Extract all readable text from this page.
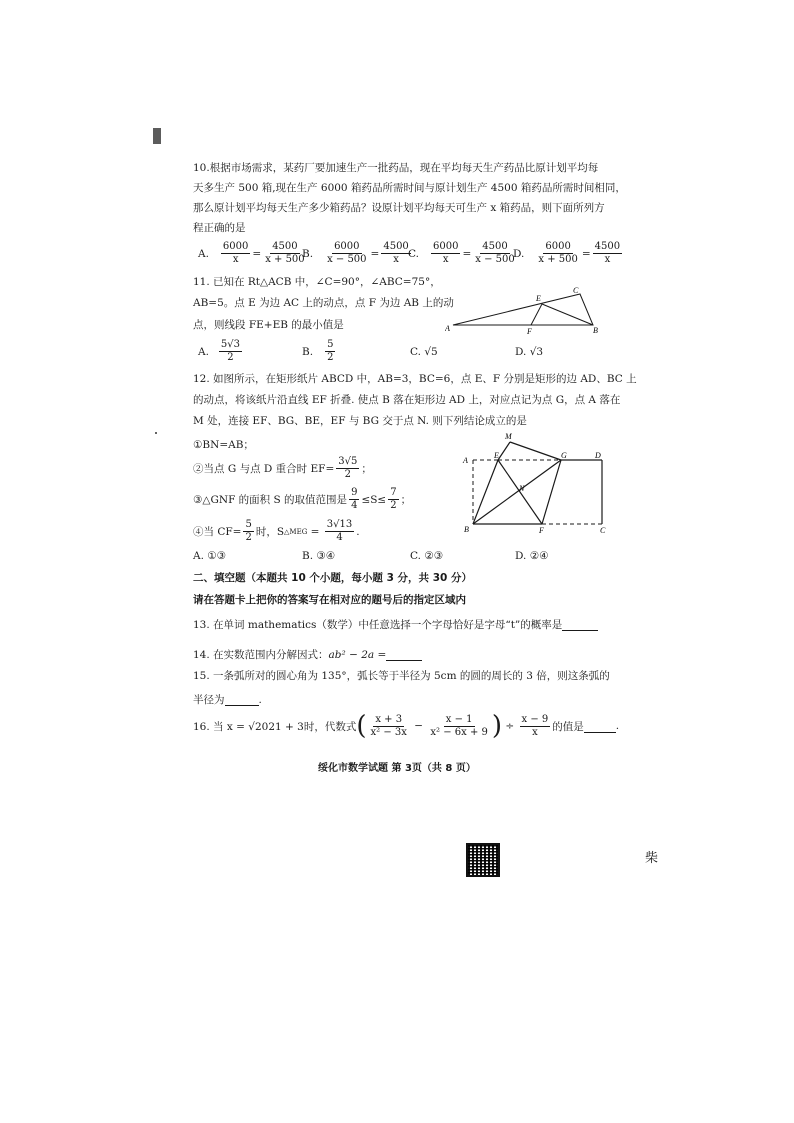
10.根据市场需求，某药厂要加速生产一批药品，现在平均每天生产药品比原计划平均每
天多生产 500 箱,现在生产 6000 箱药品所需时间与原计划生产 4500 箱药品所需时间相同，
那么原计划平均每天生产多少箱药品？设原计划平均每天可生产 x 箱药品，则下面所列方
程正确的是
A. $\frac{6000}{x} = \frac{4500}{x + 500}$
B. $\frac{6000}{x - 500} = \frac{4500}{x}$
C. $\frac{6000}{x} = \frac{4500}{x - 500}$
D. $\frac{6000}{x + 500} = \frac{4500}{x}$
11. 已知在 Rt△ACB 中，∠C=90°，∠ABC=75°，
AB=5。点 E 为边 AC 上的动点，点 F 为边 AB 上的动
点，则线段 FE+EB 的最小值是	A
C
B
E
F
A. $\frac{5√3}{2}$	B. $\frac{5}{2}$	C. √5	D. √3
12. 如图所示，在矩形纸片 ABCD 中，AB=3，BC=6，点 E、F 分别是矩形的边 AD、BC 上
的动点，将该纸片沿直线 EF 折叠. 使点 B 落在矩形边 AD 上，对应点记为点 G，点 A 落在
M 处，连接 EF、BG、BE，EF 与 BG 交于点 N. 则下列结论成立的是
①BN=AB；
②当点 G 与点 D 重合时 $EF= \frac{3√5}{2}$ ；
③△GNF 的面积 S 的取值范围是 $\frac{9}{4} \le S\le \frac{7}{2}$ ；
④当 $CF= \frac{5}{2}$ 时，S △MEG = $\frac{3√13}{4}$ .
M
A
E	G	D
N
B	F	C
A. ①③	B. ③④	C. ②③	D. ②④
二、填空题（本题共 10 个小题，每小题 3 分，共 30 分）
请在答题卡上把你的答案写在相对应的题号后的指定区域内
13. 在单词 mathematics（数学）中任意选择一个字母恰好是字母“t”的概率是
14. 在实数范围内分解因式： ab² − 2a =
15. 一条弧所对的圆心角为 135°，弧长等于半径为 5cm 的圆的周长的 3 倍，则这条弧的
半径为	.
16. 当 x = √2021 + 3时，代数式 ( $\frac{x + 3}{\text{x² − 3x}} - \frac{x - 1}{\text{x² − 6x + 9}}$ ) ÷ $\frac{x - 9}{x}$ 的值是	.
绥化市数学试题 第 3页（共 8 页）
柴
